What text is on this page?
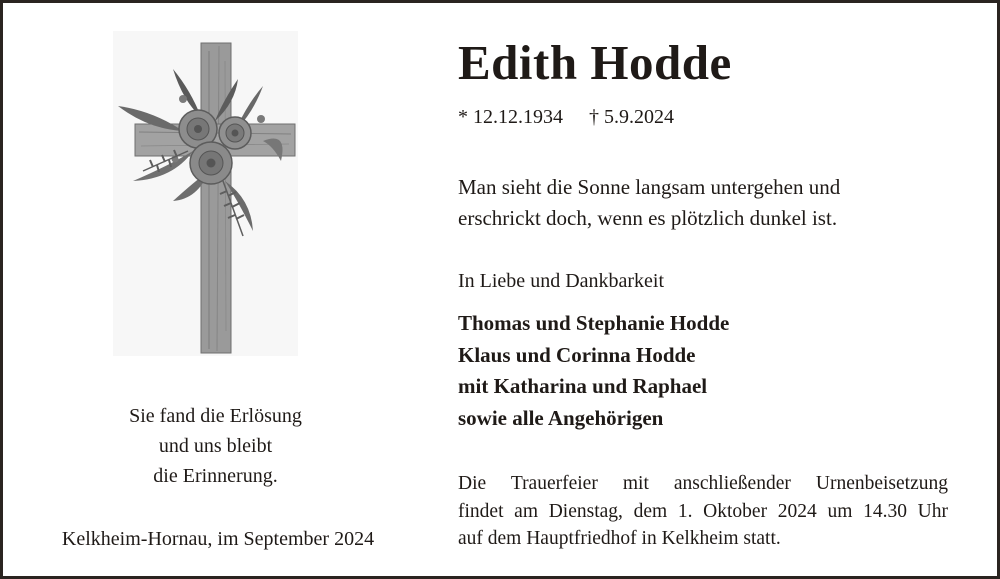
Sie fand die Erlösung
und uns bleibt
die Erinnerung.
Kelkheim-Hornau, im September 2024
Edith Hodde
* 12.12.1934 † 5.9.2024
Man sieht die Sonne langsam untergehen und
erschrickt doch, wenn es plötzlich dunkel ist.
In Liebe und Dankbarkeit
Thomas und Stephanie Hodde
Klaus und Corinna Hodde
mit Katharina und Raphael
sowie alle Angehörigen
Die Trauerfeier mit anschließender Urnenbeisetzung
findet am Dienstag, dem 1. Oktober 2024 um 14.30 Uhr
auf dem Hauptfriedhof in Kelkheim statt.
